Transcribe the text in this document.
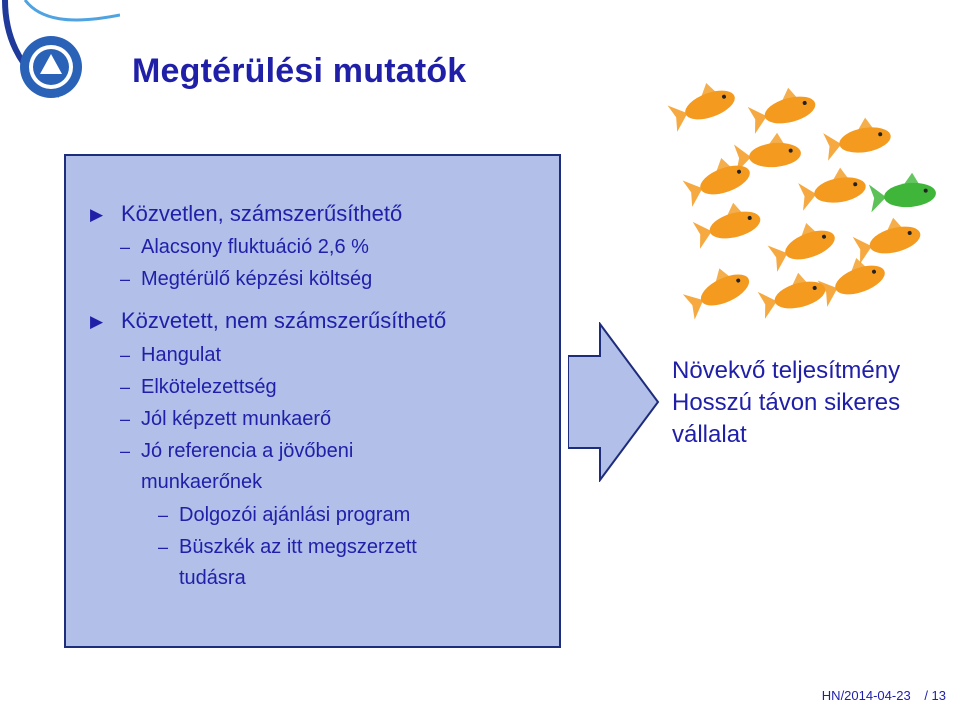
Megtérülési mutatók
▶ Közvetlen, számszerűsíthető
– Alacsony fluktuáció 2,6 %
– Megtérülő képzési költség
▶ Közvetett, nem számszerűsíthető
– Hangulat
– Elkötelezettség
– Jól képzett munkaerő
– Jó referencia a jövőbeni
munkaerőnek
– Dolgozói ajánlási program
– Büszkék az itt megszerzett
tudásra
Növekvő teljesítmény
Hosszú távon sikeres
vállalat
HN/2014-04-23 / 13
